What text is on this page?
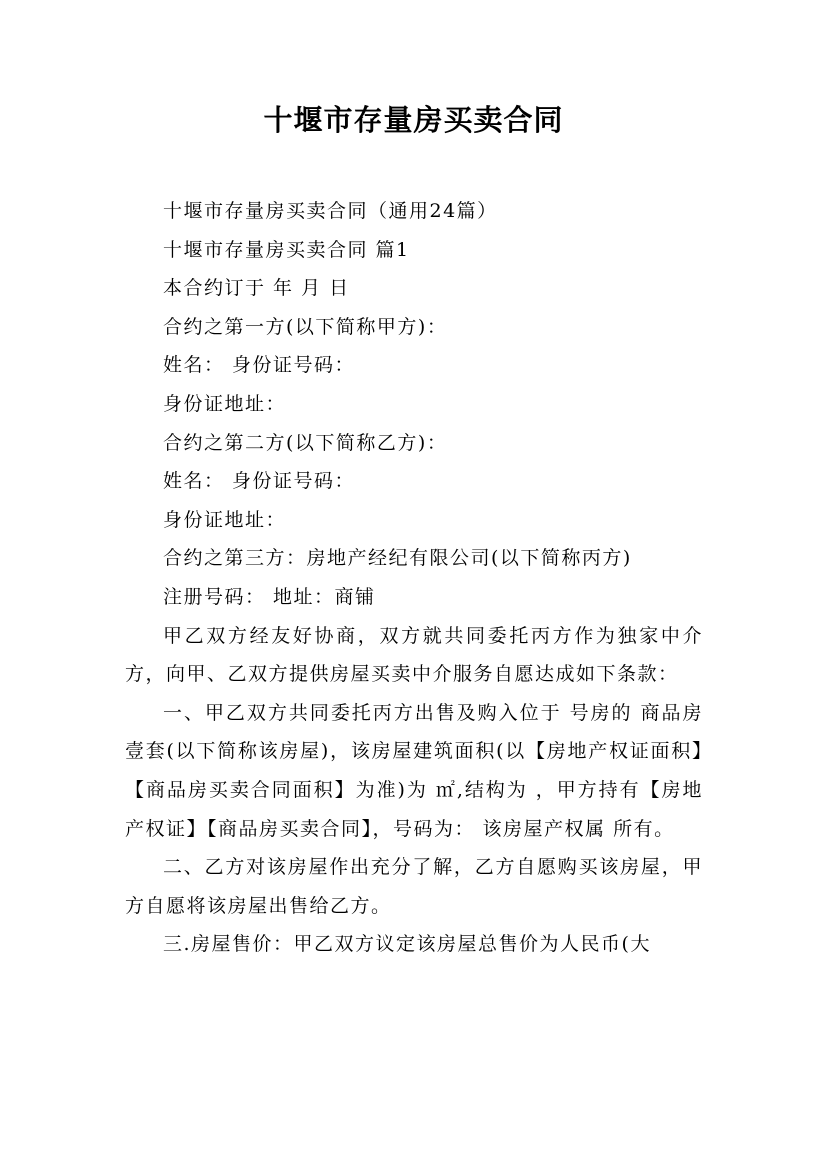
十堰市存量房买卖合同

十堰市存量房买卖合同（通用24篇）

十堰市存量房买卖合同 篇1

本合约订于 年 月 日

合约之第一方(以下简称甲方)：

姓名： 身份证号码：

身份证地址：

合约之第二方(以下简称乙方)：

姓名： 身份证号码：

身份证地址：

合约之第三方：房地产经纪有限公司(以下简称丙方)

注册号码： 地址：商铺

甲乙双方经友好协商，双方就共同委托丙方作为独家中介方，向甲、乙双方提供房屋买卖中介服务自愿达成如下条款：

一、甲乙双方共同委托丙方出售及购入位于 号房的 商品房 壹套(以下简称该房屋)，该房屋建筑面积(以【房地产权证面积】【商品房买卖合同面积】为准)为 ㎡,结构为 ，甲方持有【房地产权证】【商品房买卖合同】，号码为： 该房屋产权属 所有。

二、乙方对该房屋作出充分了解，乙方自愿购买该房屋，甲方自愿将该房屋出售给乙方。

三.房屋售价：甲乙双方议定该房屋总售价为人民币(大
